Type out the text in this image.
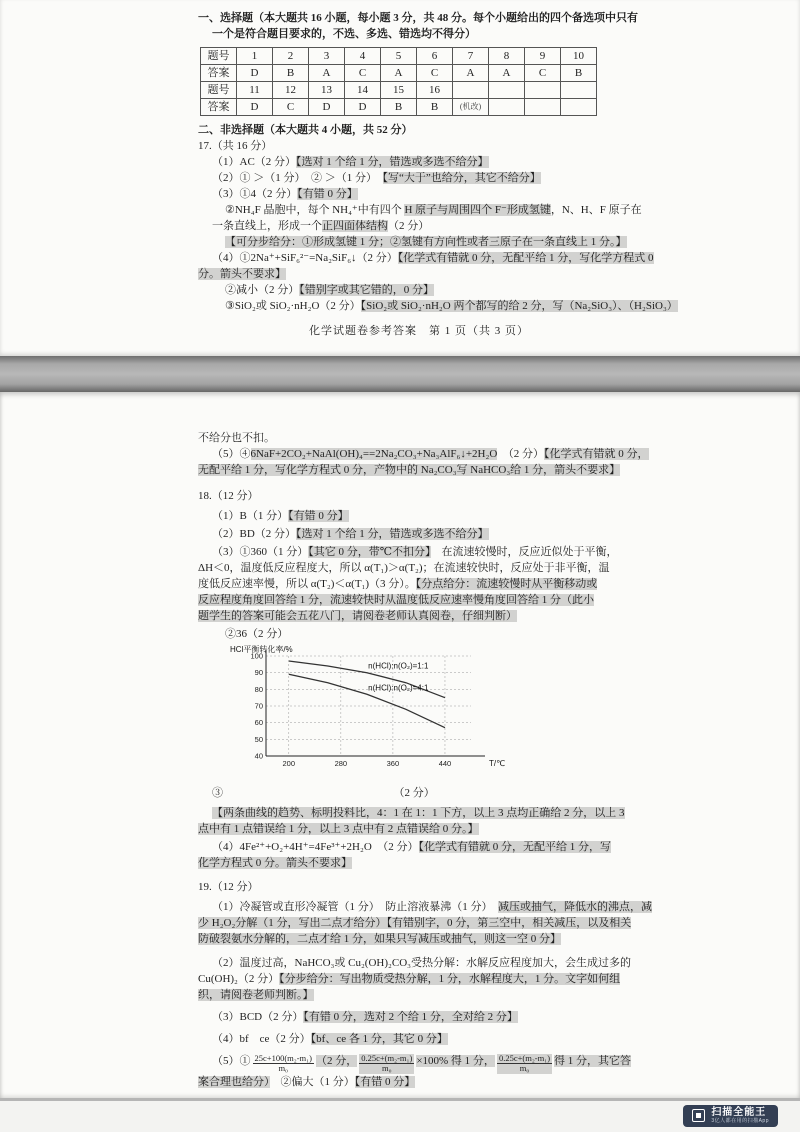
一、选择题（本大题共 16 小题，每小题 3 分，共 48 分。每个小题给出的四个备选项中只有
一个是符合题目要求的，不选、多选、错选均不得分）
题号	1	2	3	4	5	6	7	8	9	10
答案	D	B	A	C	A	C	A	A	C	B
题号	11	12	13	14	15	16				
答案	D	C	D	D	B	B	(机改)			
二、非选择题（本大题共 4 小题，共 52 分）
17.（共 16 分）
（1）AC（2 分）【选对 1 个给 1 分，错选或多选不给分】
（2）① ＞（1 分）　② ＞（1 分）　【写“大于”也给分，其它不给分】
（3）①4（2 分）【有错 0 分】
②NH₄F 晶胞中，每个 NH₄⁺中有四个 H 原子与周围四个 F⁻形成氢键，N、H、F 原子在
一条直线上，形成一个正四面体结构（2 分）
【可分步给分：①形成氢键 1 分；②氢键有方向性或者三原子在一条直线上 1 分。】
（4）①2Na⁺+SiF₆²⁻=Na₂SiF₆↓（2 分）【化学式有错就 0 分，无配平给 1 分，写化学方程式 0
分。箭头不要求】
②减小（2 分）【错别字或其它错的，0 分】
③SiO₂或 SiO₂·nH₂O（2 分）【SiO₂或 SiO₂·nH₂O 两个都写的给 2 分，写（Na₂SiO₃）、（H₂SiO₃）
化学试题卷参考答案　第 1 页（共 3 页）
不给分也不扣。
（5）④6NaF+2CO₂+NaAl(OH)₄==2Na₂CO₃+Na₃AlF₆↓+2H₂O　（2 分）【化学式有错就 0 分，
无配平给 1 分，写化学方程式 0 分，产物中的 Na₂CO₃写 NaHCO₃给 1 分，箭头不要求】
18.（12 分）
（1）B（1 分）【有错 0 分】
（2）BD（2 分）【选对 1 个给 1 分，错选或多选不给分】
（3）①360（1 分）【其它 0 分，带℃不扣分】　在流速较慢时，反应近似处于平衡，
ΔH＜0，温度低反应程度大，所以 α(T₁)＞α(T₂)；在流速较快时，反应处于非平衡，温
度低反应速率慢，所以 α(T₂)＜α(T₁)（3 分）。【分点给分：流速较慢时从平衡移动或
反应程度角度回答给 1 分，流速较快时从温度低反应速率慢角度回答给 1 分（此小
题学生的答案可能会五花八门，请阅卷老师认真阅卷，仔细判断）
②36（2 分）
40
50
60
70
80
90
100
200	280	360	440
n(HCl):n(O₂)=1:1
n(HCl):n(O₂)=4:1
HCl平衡转化率/%
T/℃
③　　　　　　　　　　　　　　　　（2 分）
【两条曲线的趋势、标明投料比，4：1 在 1：1 下方，以上 3 点均正确给 2 分，以上 3
点中有 1 点错误给 1 分，以上 3 点中有 2 点错误给 0 分。】
（4）4Fe²⁺+O₂+4H⁺=4Fe³⁺+2H₂O　（2 分）【化学式有错就 0 分，无配平给 1 分，写
化学方程式 0 分。箭头不要求】
19.（12 分）
（1）冷凝管或直形冷凝管（1 分）　防止溶液暴沸（1 分）　减压或抽气，降低水的沸点，减
少 H₂O₂分解（1 分，写出二点才给分）【有错别字，0 分，第三空中，相关减压，以及相关
防破裂氨水分解的，二点才给 1 分，如果只写减压或抽气，则这一空 0 分】
（2）温度过高，NaHCO₃或 Cu₂(OH)₂CO₃受热分解：水解反应程度加大，会生成过多的
Cu(OH)₂（2 分）【分步给分：写出物质受热分解，1 分，水解程度大，1 分。文字如何组
织，请阅卷老师判断。】
（3）BCD（2 分）【有错 0 分，选对 2 个给 1 分，全对给 2 分】
（4）bf　ce（2 分）【bf、ce 各 1 分，其它 0 分】
（5）① $\frac{\text{25c+100(m₂-m₁)}}{\text{m₀}} (2$ 分， $\frac{\text{0.25c+(m₂-m₁)}}{\text{m₀}} \times 100\%$ 得 1 分， $\frac{\text{0.25c+(m₂-m₁)}}{\text{m₀}}$ 得 1 分，其它答
案合理也给分）　②偏大（1 分）【有错 0 分】
扫描全能王
3亿人都在用的扫描App
